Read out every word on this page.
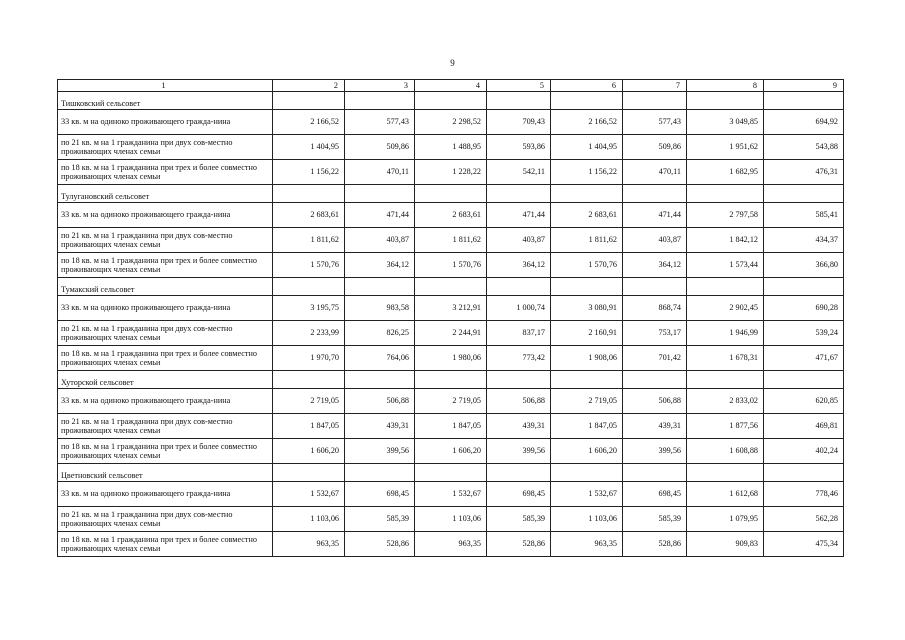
9
1	2	3	4	5	6	7	8	9
Тишковский сельсовет								
33 кв. м на одиноко проживающего граждa-нина	2 166,52	577,43	2 298,52	709,43	2 166,52	577,43	3 049,85	694,92
по 21 кв. м на 1 гражданина при двух сов-местно проживающих членах семьи	1 404,95	509,86	1 488,95	593,86	1 404,95	509,86	1 951,62	543,88
по 18 кв. м на 1 гражданина при трех и более совместно проживающих членах семьи	1 156,22	470,11	1 228,22	542,11	1 156,22	470,11	1 682,95	476,31
Тулугановский сельсовет								
33 кв. м на одиноко проживающего граждa-нина	2 683,61	471,44	2 683,61	471,44	2 683,61	471,44	2 797,58	585,41
по 21 кв. м на 1 гражданина при двух сов-местно проживающих членах семьи	1 811,62	403,87	1 811,62	403,87	1 811,62	403,87	1 842,12	434,37
по 18 кв. м на 1 гражданина при трех и более совместно проживающих членах семьи	1 570,76	364,12	1 570,76	364,12	1 570,76	364,12	1 573,44	366,80
Тумакский сельсовет								
33 кв. м на одиноко проживающего граждa-нина	3 195,75	983,58	3 212,91	1 000,74	3 080,91	868,74	2 902,45	690,28
по 21 кв. м на 1 гражданина при двух сов-местно проживающих членах семьи	2 233,99	826,25	2 244,91	837,17	2 160,91	753,17	1 946,99	539,24
по 18 кв. м на 1 гражданина при трех и более совместно проживающих членах семьи	1 970,70	764,06	1 980,06	773,42	1 908,06	701,42	1 678,31	471,67
Хуторской сельсовет								
33 кв. м на одиноко проживающего граждa-нина	2 719,05	506,88	2 719,05	506,88	2 719,05	506,88	2 833,02	620,85
по 21 кв. м на 1 гражданина при двух сов-местно проживающих членах семьи	1 847,05	439,31	1 847,05	439,31	1 847,05	439,31	1 877,56	469,81
по 18 кв. м на 1 гражданина при трех и более совместно проживающих членах семьи	1 606,20	399,56	1 606,20	399,56	1 606,20	399,56	1 608,88	402,24
Цветновский сельсовет								
33 кв. м на одиноко проживающего граждa-нина	1 532,67	698,45	1 532,67	698,45	1 532,67	698,45	1 612,68	778,46
по 21 кв. м на 1 гражданина при двух сов-местно проживающих членах семьи	1 103,06	585,39	1 103,06	585,39	1 103,06	585,39	1 079,95	562,28
по 18 кв. м на 1 гражданина при трех и более совместно проживающих членах семьи	963,35	528,86	963,35	528,86	963,35	528,86	909,83	475,34
